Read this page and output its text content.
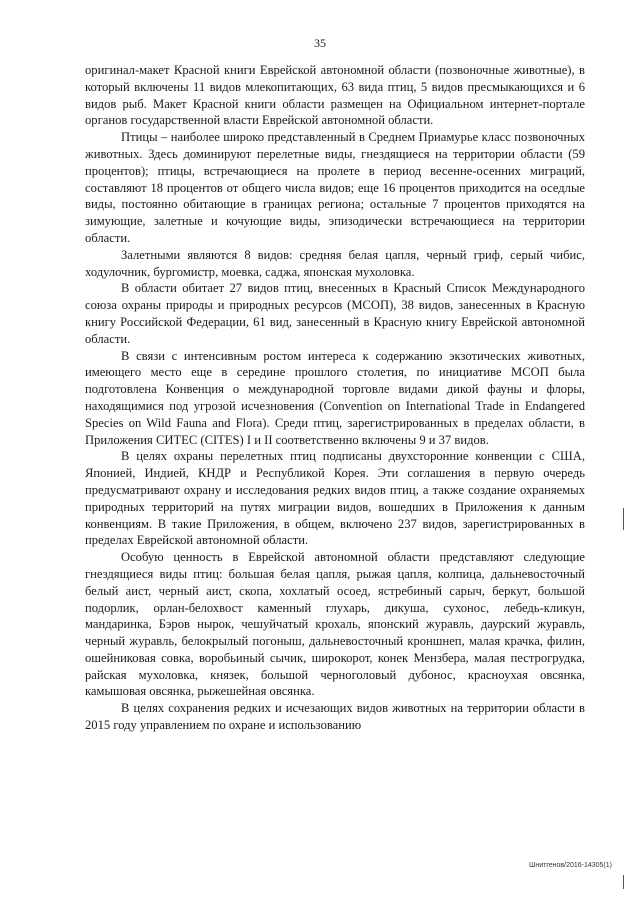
35

оригинал-макет Красной книги Еврейской автономной области (позвоночные животные), в который включены 11 видов млекопитающих, 63 вида птиц, 5 видов пресмыкающихся и 6 видов рыб. Макет Красной книги области размещен на Официальном интернет-портале органов государственной власти Еврейской автономной области.

Птицы – наиболее широко представленный в Среднем Приамурье класс позвоночных животных. Здесь доминируют перелетные виды, гнездящиеся на территории области (59 процентов); птицы, встречающиеся на пролете в период весенне-осенних миграций, составляют 18 процентов от общего числа видов; еще 16 процентов приходится на оседлые виды, постоянно обитающие в границах региона; остальные 7 процентов приходятся на зимующие, залетные и кочующие виды, эпизодически встречающиеся на территории области.

Залетными являются 8 видов: средняя белая цапля, черный гриф, серый чибис, ходулочник, бургомистр, моевка, саджа, японская мухоловка.

В области обитает 27 видов птиц, внесенных в Красный Список Международного союза охраны природы и природных ресурсов (МСОП), 38 видов, занесенных в Красную книгу Российской Федерации, 61 вид, занесенный в Красную книгу Еврейской автономной области.

В связи с интенсивным ростом интереса к содержанию экзотических животных, имеющего место еще в середине прошлого столетия, по инициативе МСОП была подготовлена Конвенция о международной торговле видами дикой фауны и флоры, находящимися под угрозой исчезновения (Convention on International Trade in Endangered Species on Wild Fauna and Flora). Среди птиц, зарегистрированных в пределах области, в Приложения СИТЕС (CITES) I и II соответственно включены 9 и 37 видов.

В целях охраны перелетных птиц подписаны двухсторонние конвенции с США, Японией, Индией, КНДР и Республикой Корея. Эти соглашения в первую очередь предусматривают охрану и исследования редких видов птиц, а также создание охраняемых природных территорий на путях миграции видов, вошедших в Приложения к данным конвенциям. В такие Приложения, в общем, включено 237 видов, зарегистрированных в пределах Еврейской автономной области.

Особую ценность в Еврейской автономной области представляют следующие гнездящиеся виды птиц: большая белая цапля, рыжая цапля, колпица, дальневосточный белый аист, черный аист, скопа, хохлатый осоед, ястребиный сарыч, беркут, большой подорлик, орлан-белохвост каменный глухарь, дикуша, сухонос, лебедь-кликун, мандаринка, Бэров нырок, чешуйчатый крохаль, японский журавль, даурский журавль, черный журавль, белокрылый погоныш, дальневосточный кроншнеп, малая крачка, филин, ошейниковая совка, воробьиный сычик, широкорот, конек Мензбера, малая пестрогрудка, райская мухоловка, князек, большой черноголовый дубонос, красноухая овсянка, камышовая овсянка, рыжешейная овсянка.

В целях сохранения редких и исчезающих видов животных на территории области в 2015 году управлением по охране и использованию

Шнитгенов/2016-14305(1)
